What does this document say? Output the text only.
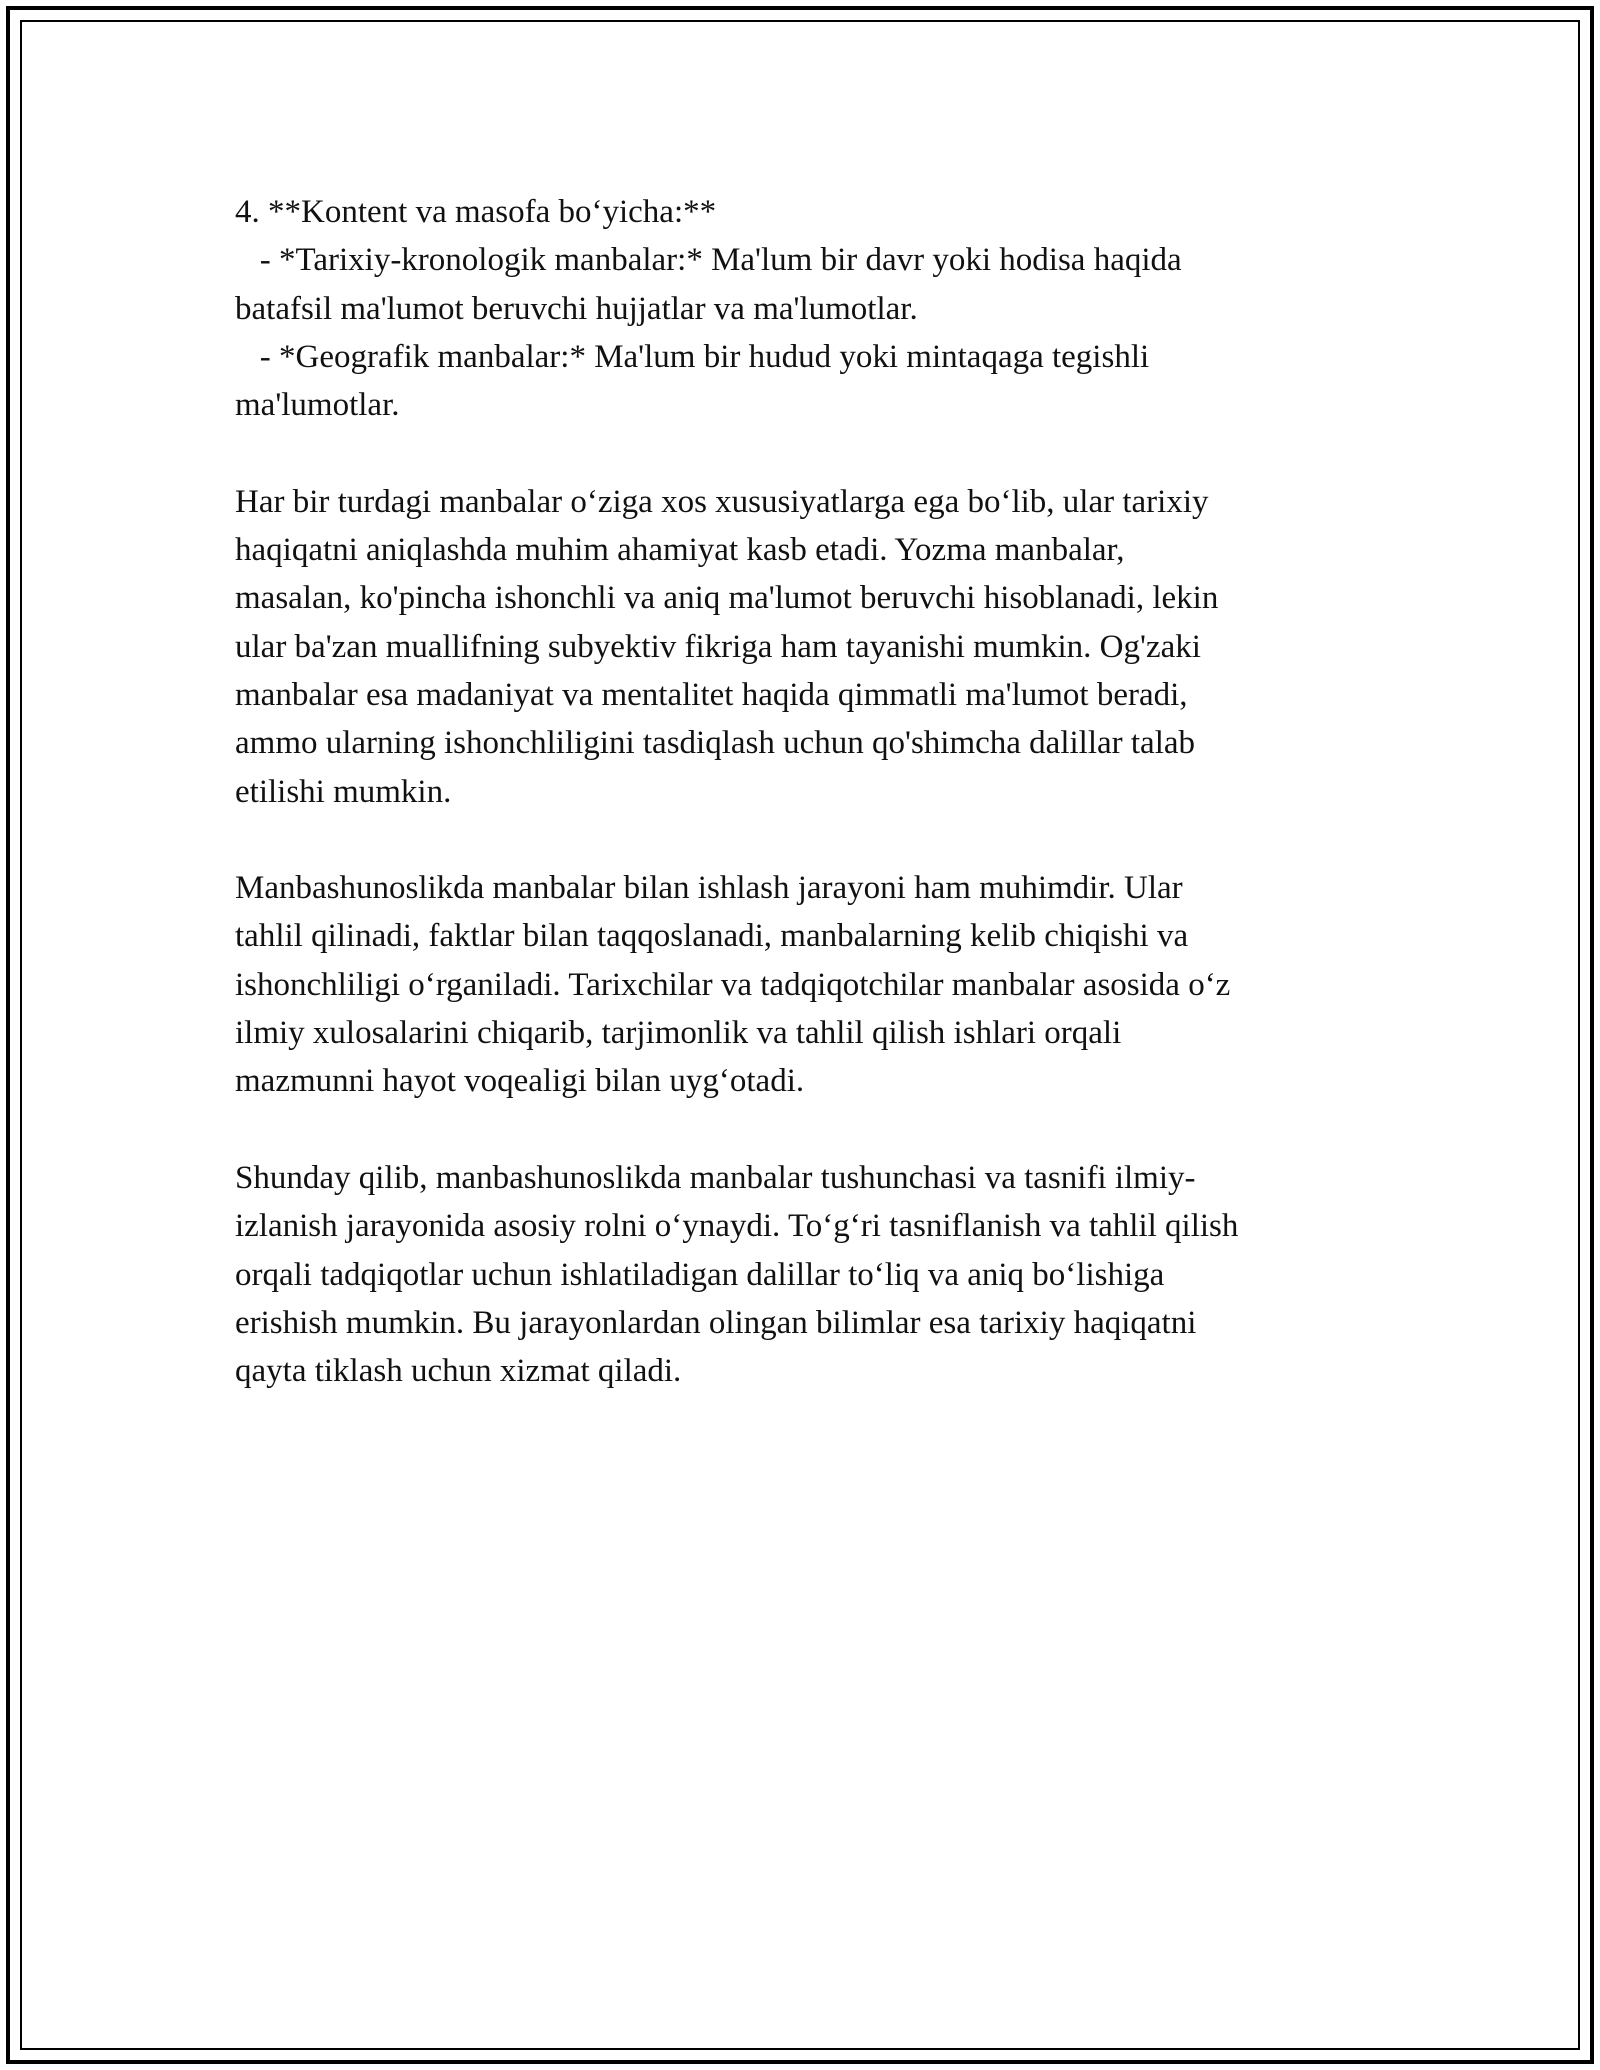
4. **Kontent va masofa bo‘yicha:**
- *Tarixiy-kronologik manbalar:* Ma'lum bir davr yoki hodisa haqida
batafsil ma'lumot beruvchi hujjatlar va ma'lumotlar.
- *Geografik manbalar:* Ma'lum bir hudud yoki mintaqaga tegishli
ma'lumotlar.
Har bir turdagi manbalar o‘ziga xos xususiyatlarga ega bo‘lib, ular tarixiy
haqiqatni aniqlashda muhim ahamiyat kasb etadi. Yozma manbalar,
masalan, ko'pincha ishonchli va aniq ma'lumot beruvchi hisoblanadi, lekin
ular ba'zan muallifning subyektiv fikriga ham tayanishi mumkin. Og'zaki
manbalar esa madaniyat va mentalitet haqida qimmatli ma'lumot beradi,
ammo ularning ishonchliligini tasdiqlash uchun qo'shimcha dalillar talab
etilishi mumkin.
Manbashunoslikda manbalar bilan ishlash jarayoni ham muhimdir. Ular
tahlil qilinadi, faktlar bilan taqqoslanadi, manbalarning kelib chiqishi va
ishonchliligi o‘rganiladi. Tarixchilar va tadqiqotchilar manbalar asosida o‘z
ilmiy xulosalarini chiqarib, tarjimonlik va tahlil qilish ishlari orqali
mazmunni hayot voqealigi bilan uyg‘otadi.
Shunday qilib, manbashunoslikda manbalar tushunchasi va tasnifi ilmiy-
izlanish jarayonida asosiy rolni o‘ynaydi. To‘g‘ri tasniflanish va tahlil qilish
orqali tadqiqotlar uchun ishlatiladigan dalillar to‘liq va aniq bo‘lishiga
erishish mumkin. Bu jarayonlardan olingan bilimlar esa tarixiy haqiqatni
qayta tiklash uchun xizmat qiladi.
